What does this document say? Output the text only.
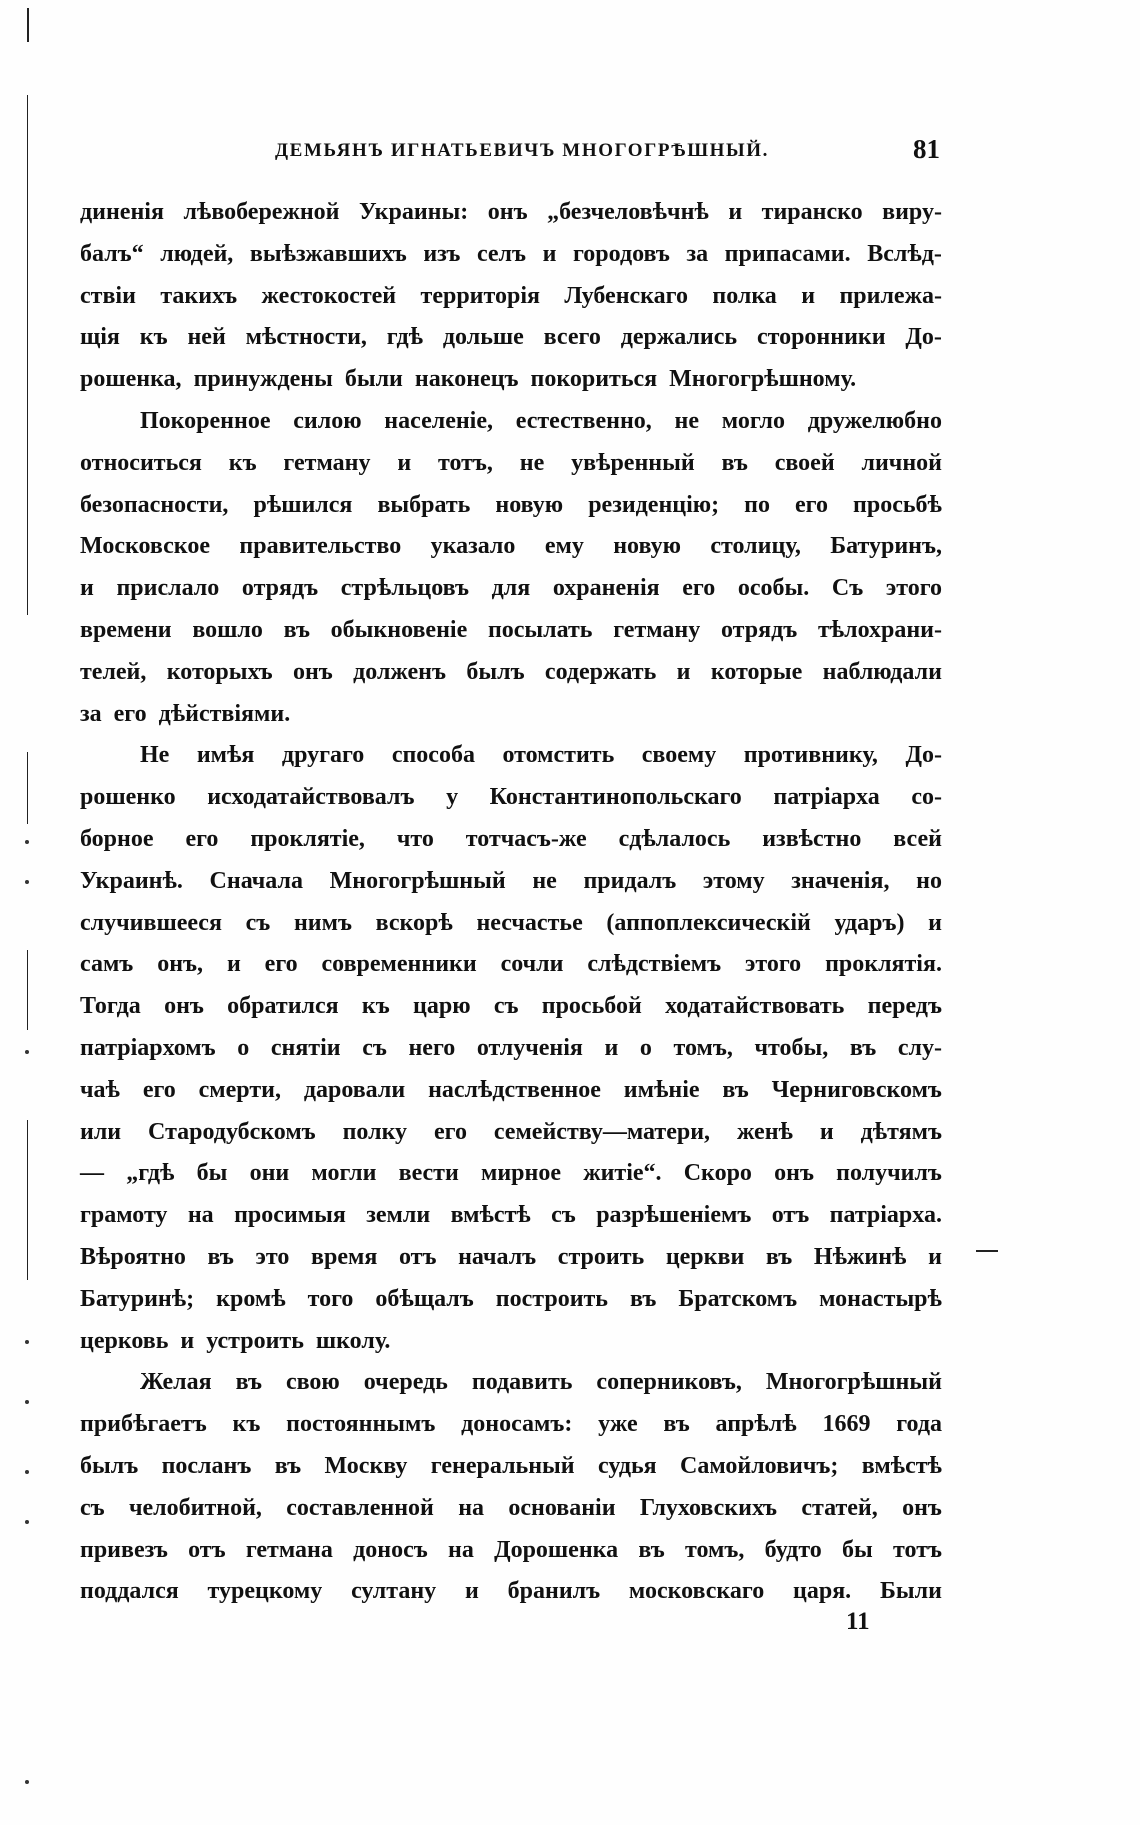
ДЕМЬЯНЪ ИГНАТЬЕВИЧЪ МНОГОГРѢШНЫЙ.	81
диненія лѣвобережной Украины: онъ „безчеловѣчнѣ и тиранско виру-
балъ“ людей, выѣзжавшихъ изъ селъ и городовъ за припасами. Вслѣд-
ствіи такихъ жестокостей территорія Лубенскаго полка и прилежа-
щія къ ней мѣстности, гдѣ дольше всего держались сторонники До-
рошенка, принуждены были наконецъ покориться Многогрѣшному.
Покоренное силою населеніе, естественно, не могло дружелюбно
относиться къ гетману и тотъ, не увѣренный въ своей личной
безопасности, рѣшился выбрать новую резиденцію; по его просьбѣ
Московское правительство указало ему новую столицу, Батуринъ,
и прислало отрядъ стрѣльцовъ для охраненія его особы. Съ этого
времени вошло въ обыкновеніе посылать гетману отрядъ тѣлохрани-
телей, которыхъ онъ долженъ былъ содержать и которые наблюдали
за его дѣйствіями.
Не имѣя другаго способа отомстить своему противнику, До-
рошенко исходатайствовалъ у Константинопольскаго патріарха со-
борное его проклятіе, что тотчасъ-же сдѣлалось извѣстно всей
Украинѣ. Сначала Многогрѣшный не придалъ этому значенія, но
случившееся съ нимъ вскорѣ несчастье (аппоплексическій ударъ) и
самъ онъ, и его современники сочли слѣдствіемъ этого проклятія.
Тогда онъ обратился къ царю съ просьбой ходатайствовать передъ
патріархомъ о снятіи съ него отлученія и о томъ, чтобы, въ слу-
чаѣ его смерти, даровали наслѣдственное имѣніе въ Черниговскомъ
или Стародубскомъ полку его семейству—матери, женѣ и дѣтямъ
— „гдѣ бы они могли вести мирное житіе“. Скоро онъ получилъ
грамоту на просимыя земли вмѣстѣ съ разрѣшеніемъ отъ патріарха.
Вѣроятно въ это время отъ началъ строить церкви въ Нѣжинѣ и
Батуринѣ; кромѣ того обѣщалъ построить въ Братскомъ монастырѣ
церковь и устроить школу.
Желая въ свою очередь подавить соперниковъ, Многогрѣшный
прибѣгаетъ къ постояннымъ доносамъ: уже въ апрѣлѣ 1669 года
былъ посланъ въ Москву генеральный судья Самойловичъ; вмѣстѣ
съ челобитной, составленной на основаніи Глуховскихъ статей, онъ
привезъ отъ гетмана доносъ на Дорошенка въ томъ, будто бы тотъ
поддался турецкому султану и бранилъ московскаго царя. Были
11
